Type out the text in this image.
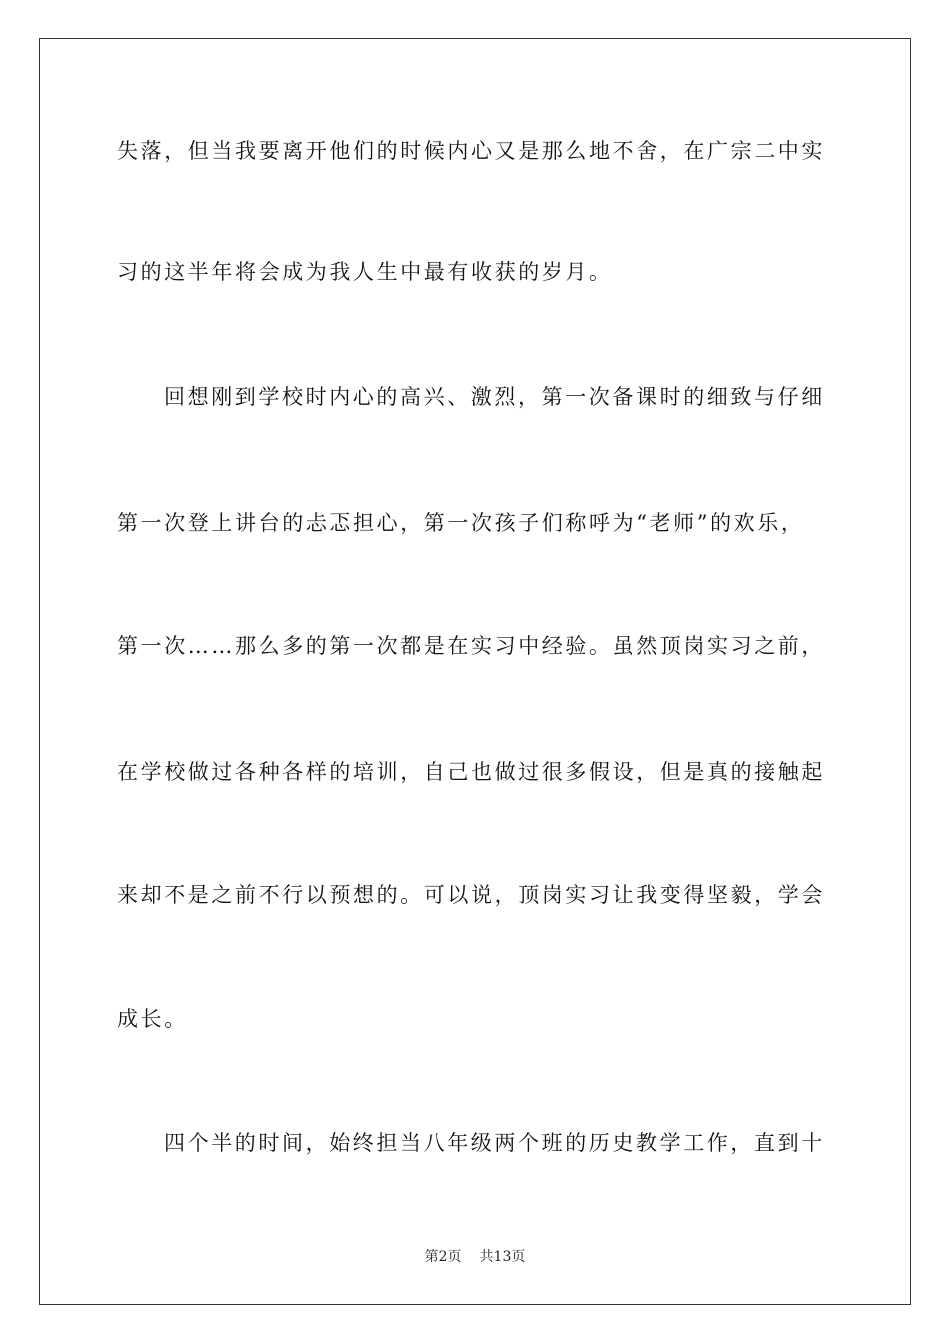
失落，但当我要离开他们的时候内心又是那么地不舍，在广宗二中实
习的这半年将会成为我人生中最有收获的岁月。
回想刚到学校时内心的高兴、激烈，第一次备课时的细致与仔细
第一次登上讲台的忐忑担心，第一次孩子们称呼为“老师”的欢乐，
第一次……那么多的第一次都是在实习中经验。虽然顶岗实习之前，
在学校做过各种各样的培训，自己也做过很多假设，但是真的接触起
来却不是之前不行以预想的。可以说，顶岗实习让我变得坚毅，学会
成长。
四个半的时间，始终担当八年级两个班的历史教学工作，直到十
第2页 共13页
